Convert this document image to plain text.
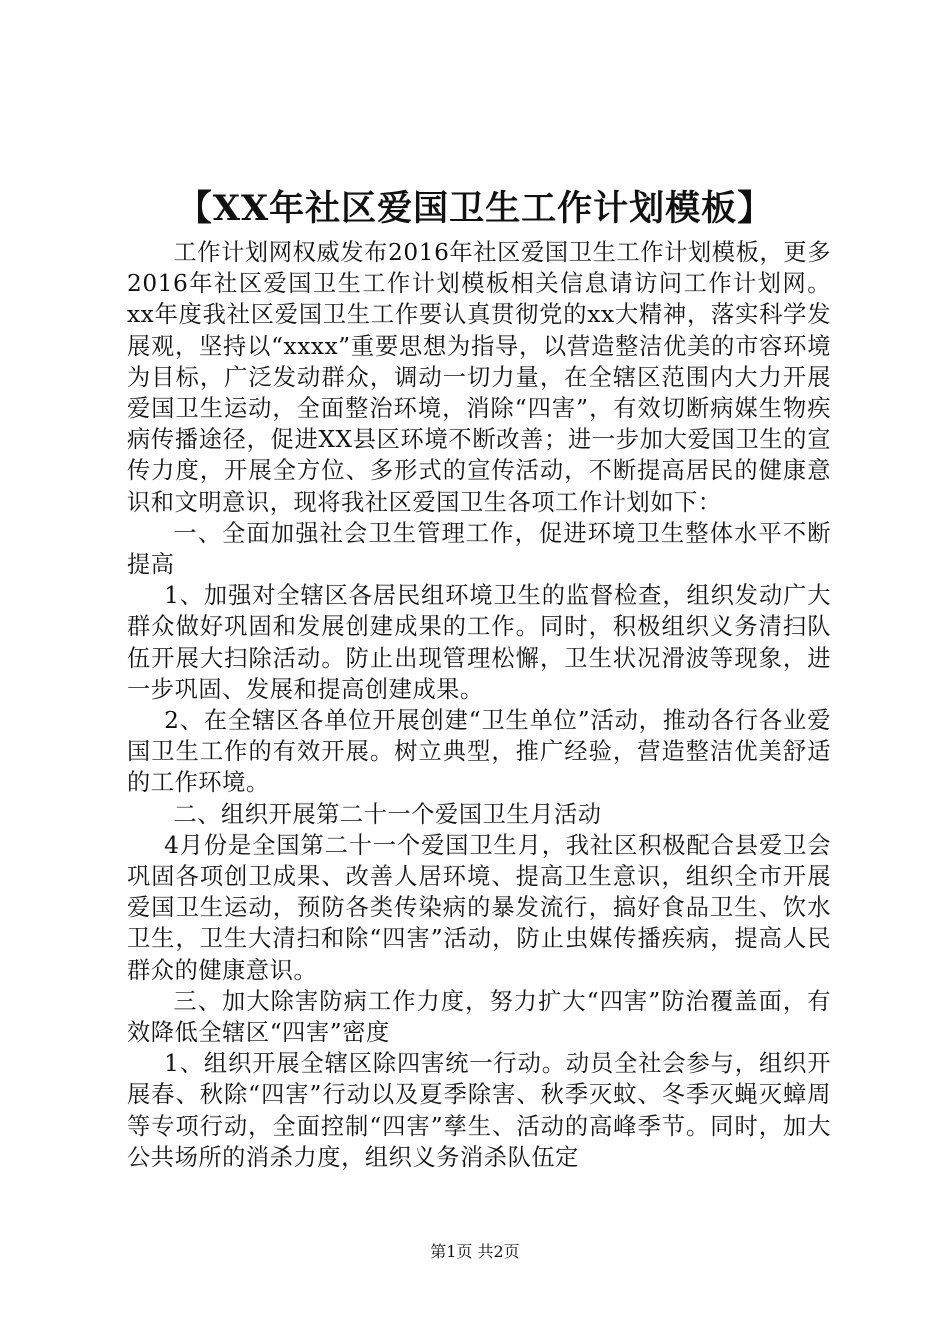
【XX年社区爱国卫生工作计划模板】

工作计划网权威发布2016年社区爱国卫生工作计划模板，更多2016年社区爱国卫生工作计划模板相关信息请访问工作计划网。xx年度我社区爱国卫生工作要认真贯彻党的xx大精神，落实科学发展观，坚持以“xxxx”重要思想为指导，以营造整洁优美的市容环境为目标，广泛发动群众，调动一切力量，在全辖区范围内大力开展爱国卫生运动，全面整治环境，消除“四害”，有效切断病媒生物疾病传播途径，促进XX县区环境不断改善；进一步加大爱国卫生的宣传力度，开展全方位、多形式的宣传活动，不断提高居民的健康意识和文明意识，现将我社区爱国卫生各项工作计划如下：

一、全面加强社会卫生管理工作，促进环境卫生整体水平不断提高

1、加强对全辖区各居民组环境卫生的监督检查，组织发动广大群众做好巩固和发展创建成果的工作。同时，积极组织义务清扫队伍开展大扫除活动。防止出现管理松懈，卫生状况滑波等现象，进一步巩固、发展和提高创建成果。

2、在全辖区各单位开展创建“卫生单位”活动，推动各行各业爱国卫生工作的有效开展。树立典型，推广经验，营造整洁优美舒适的工作环境。

二、组织开展第二十一个爱国卫生月活动

4月份是全国第二十一个爱国卫生月，我社区积极配合县爱卫会巩固各项创卫成果、改善人居环境、提高卫生意识，组织全市开展爱国卫生运动，预防各类传染病的暴发流行，搞好食品卫生、饮水卫生，卫生大清扫和除“四害”活动，防止虫媒传播疾病，提高人民群众的健康意识。

三、加大除害防病工作力度，努力扩大“四害”防治覆盖面，有效降低全辖区“四害”密度

1、组织开展全辖区除四害统一行动。动员全社会参与，组织开展春、秋除“四害”行动以及夏季除害、秋季灭蚊、冬季灭蝇灭蟑周等专项行动，全面控制“四害”孳生、活动的高峰季节。同时，加大公共场所的消杀力度，组织义务消杀队伍定

第1页 共2页
